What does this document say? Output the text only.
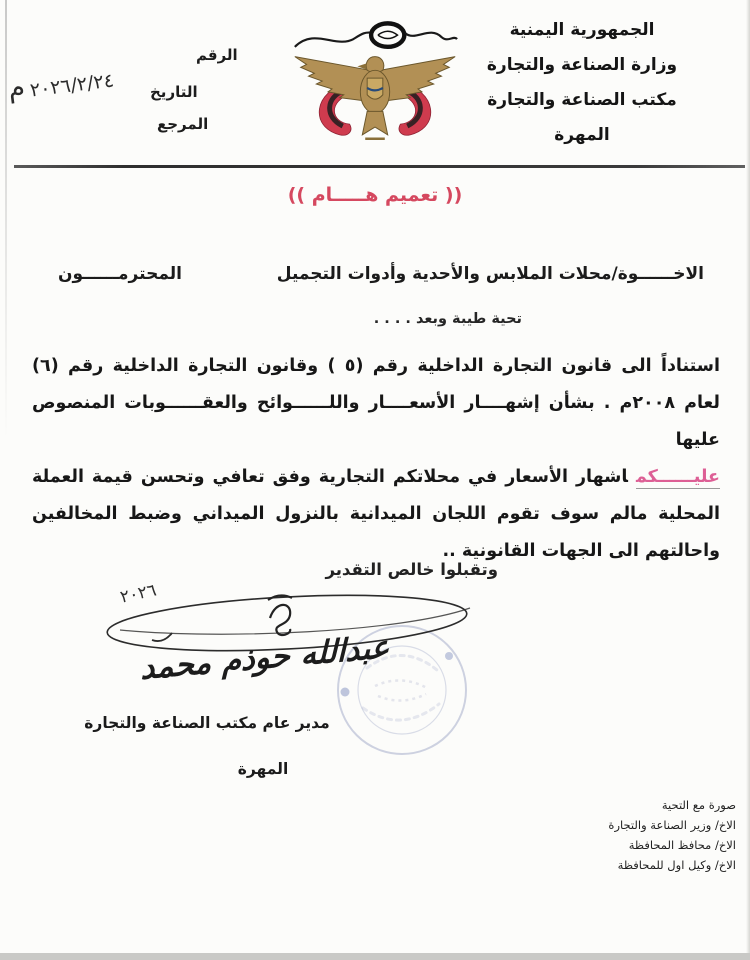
الجمهورية اليمنية
وزارة الصناعة والتجارة
مكتب الصناعة والتجارة
المهرة
الرقم
التاريخ
المرجع
م ٢٠٢٦/٢/٢٤
(( تعميم هـــــام ))
الاخــــــوة/محلات الملابس والأحدية وأدوات التجميل
المحترمــــــون
تحية طيبة وبعد . . . .
استناداً الى قانون التجارة الداخلية رقم (٥ ) وقانون التجارة الداخلية رقم (٦)
لعام ٢٠٠٨م . بشأن إشهــــار الأسعــــار واللــــــوائح والعقــــــوبات المنصوص عليها
عليــــــكماشهار الأسعار في محلاتكم التجارية وفق تعافي وتحسن قيمة العملة
المحلية مالم سوف تقوم اللجان الميدانية بالنزول الميداني وضبط المخالفين
واحالتهم الى الجهات القانونية ..
وتقبلوا خالص التقدير
٢٠٢٦
عبدالله حوذم محمد
مدير عام مكتب الصناعة والتجارة
المهرة
صورة مع التحية
الاخ/ وزير الصناعة والتجارة
الاخ/ محافظ المحافظة
الاخ/ وكيل اول للمحافظة
